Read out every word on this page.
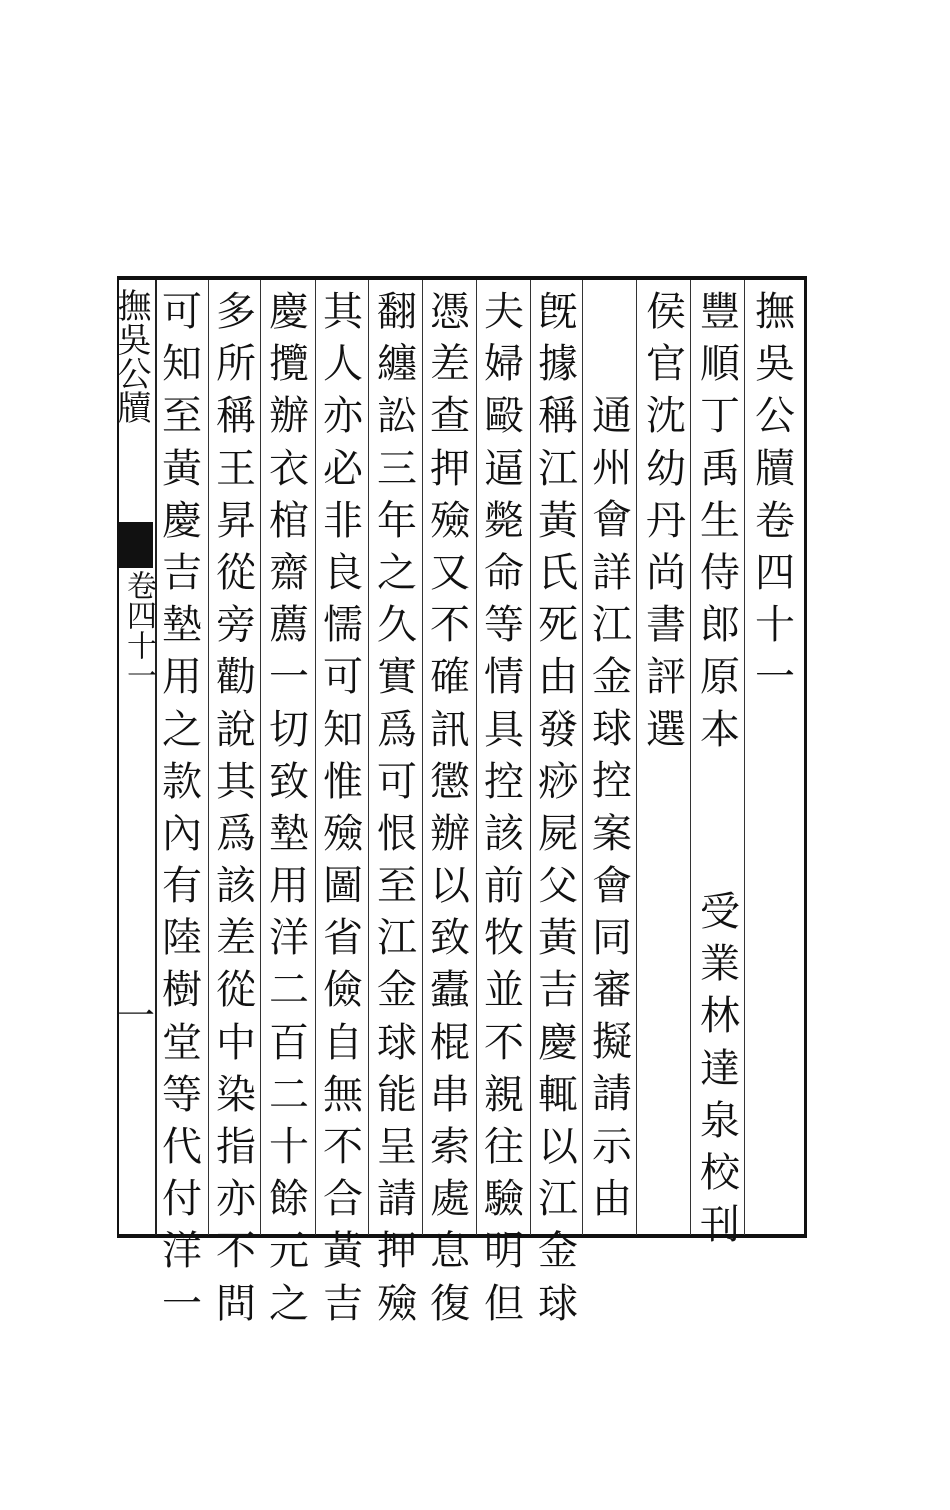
撫吳公牘
卷四十一
一
撫
吳
公
牘
卷
四
十
一
豐
順
丁
禹
生
侍
郎
原
本
受
業
林
達
泉
校
刊
侯
官
沈
幼
丹
尚
書
評
選
通
州
會
詳
江
金
球
控
案
會
同
審
擬
請
示
由
旣
據
稱
江
黃
氏
死
由
發
痧
屍
父
黃
吉
慶
輒
以
江
金
球
夫
婦
毆
逼
斃
命
等
情
具
控
該
前
牧
並
不
親
往
驗
明
但
憑
差
查
押
殮
又
不
確
訊
懲
辦
以
致
蠹
棍
串
索
處
息
復
翻
纏
訟
三
年
之
久
實
爲
可
恨
至
江
金
球
能
呈
請
押
殮
其
人
亦
必
非
良
懦
可
知
惟
殮
圖
省
儉
自
無
不
合
黃
吉
慶
攬
辦
衣
棺
齋
薦
一
切
致
墊
用
洋
二
百
二
十
餘
元
之
多
所
稱
王
昇
從
旁
勸
說
其
爲
該
差
從
中
染
指
亦
不
問
可
知
至
黃
慶
吉
墊
用
之
款
內
有
陸
樹
堂
等
代
付
洋
一
